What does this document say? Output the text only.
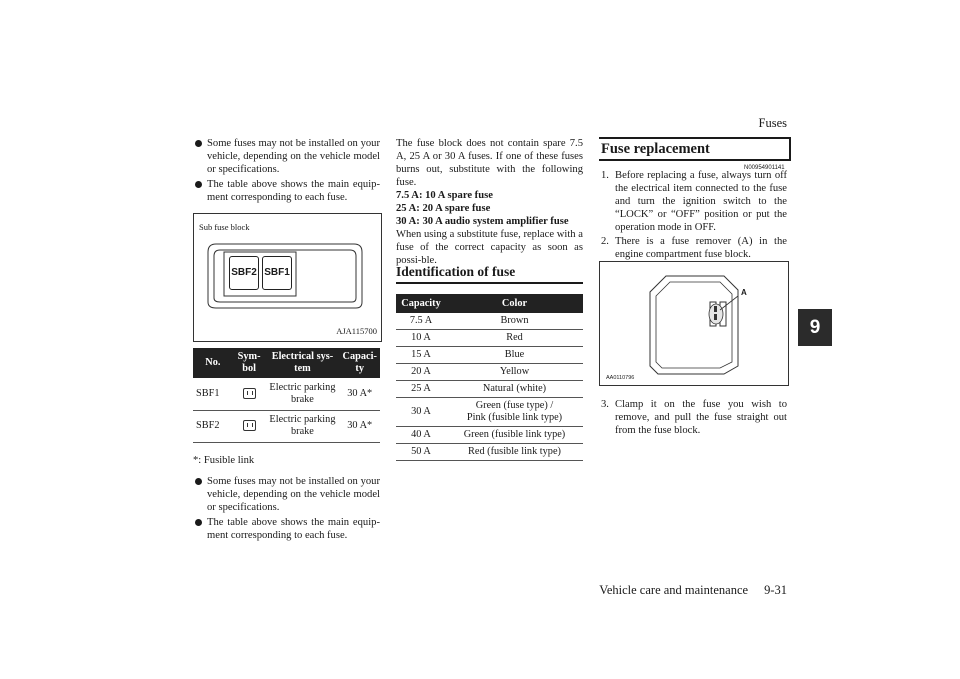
Fuses
9
Vehicle care and maintenance 9-31

Some fuses may not be installed on your vehicle, depending on the vehicle model or specifications.

The table above shows the main equip-ment corresponding to each fuse.

Sub fuse block
SBF2 SBF1
AJA115700
No.	Sym-bol	Electrical sys-tem	Capaci-ty
SBF1		Electric parking brake	30 A*
SBF2		Electric parking brake	30 A*
*: Fusible link

Some fuses may not be installed on your vehicle, depending on the vehicle model or specifications.

The table above shows the main equip-ment corresponding to each fuse.

The fuse block does not contain spare 7.5 A, 25 A or 30 A fuses. If one of these fuses burns out, substitute with the following fuse.
7.5 A: 10 A spare fuse
25 A: 20 A spare fuse
30 A: 30 A audio system amplifier fuse
When using a substitute fuse, replace with a fuse of the correct capacity as soon as possi-ble.
Identification of fuse
Capacity	Color
7.5 A	Brown
10 A	Red
15 A	Blue
20 A	Yellow
25 A	Natural (white)
30 A	Green (fuse type) /
Pink (fusible link type)

40 A	Green (fusible link type)
50 A	Red (fusible link type)
Fuse replacement
N00954901141
1. Before replacing a fuse, always turn off the electrical item connected to the fuse and turn the ignition switch to the “LOCK” or “OFF” position or put the operation mode in OFF.
2. There is a fuse remover (A) in the engine compartment fuse block.
A
AA0110796
3. Clamp it on the fuse you wish to remove, and pull the fuse straight out from the fuse block.
